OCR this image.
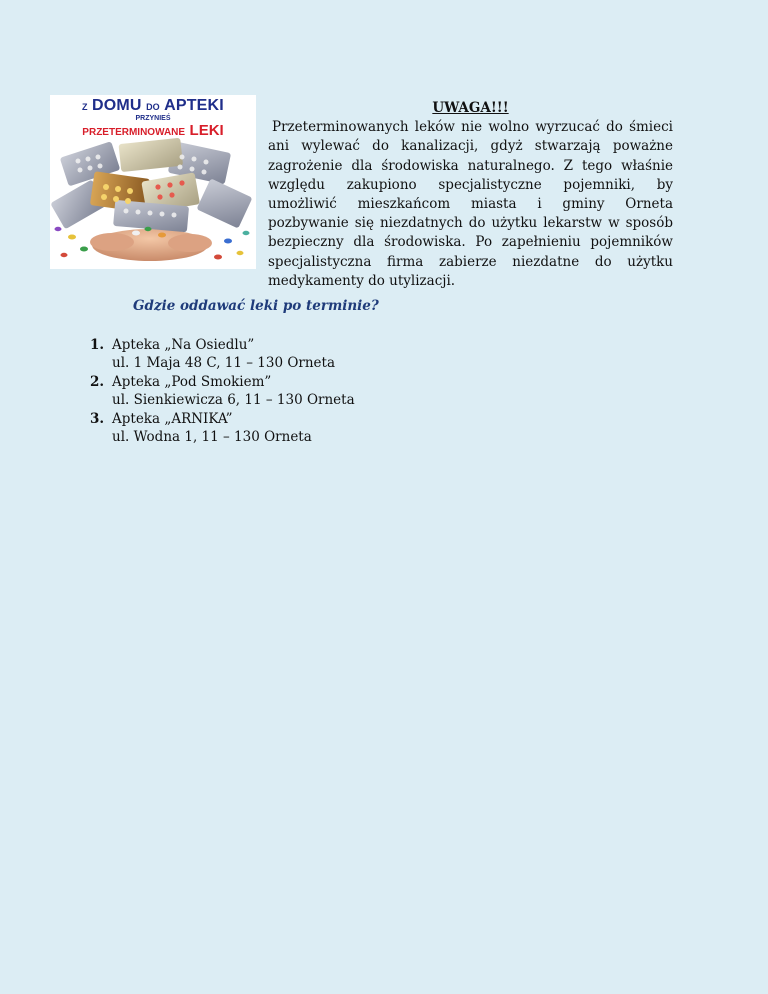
Z DOMU DO APTEKI
PRZYNIEŚ
PRZETERMINOWANE LEKI
UWAGA!!!
Przeterminowanych leków nie wolno wyrzucać do śmieci ani wylewać do kanalizacji, gdyż stwarzają poważne zagrożenie dla środowiska naturalnego. Z tego właśnie względu zakupiono specjalistyczne pojemniki, by umożliwić mieszkańcom miasta i gminy Orneta pozbywanie się niezdatnych do użytku lekarstw w sposób bezpieczny dla środowiska. Po zapełnieniu pojemników specjalistyczna firma zabierze niezdatne do użytku medykamenty do utylizacji.
Gdzie oddawać leki po terminie?
1. Apteka „Na Osiedlu”
ul. 1 Maja 48 C, 11 – 130 Orneta
2. Apteka „Pod Smokiem”
ul. Sienkiewicza 6, 11 – 130 Orneta
3. Apteka „ARNIKA”
ul. Wodna 1, 11 – 130 Orneta
